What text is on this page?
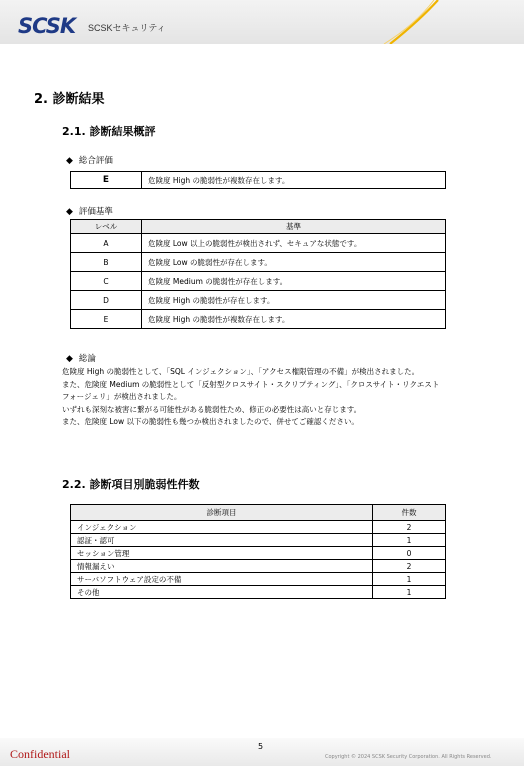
SCSK SCSKセキュリティ
2. 診断結果
2.1. 診断結果概評
◆ 総合評価
E	危険度 High の脆弱性が複数存在します。
◆ 評価基準
レベル	基準
A	危険度 Low 以上の脆弱性が検出されず、セキュアな状態です。
B	危険度 Low の脆弱性が存在します。
C	危険度 Medium の脆弱性が存在します。
D	危険度 High の脆弱性が存在します。
E	危険度 High の脆弱性が複数存在します。
◆ 総論

危険度 High の脆弱性として、「SQL インジェクション」、「アクセス権限管理の不備」が検出されました。

また、危険度 Medium の脆弱性として「反射型クロスサイト・スクリプティング」、「クロスサイト・リクエストフォージェリ」が検出されました。

いずれも深刻な被害に繋がる可能性がある脆弱性ため、修正の必要性は高いと存じます。

また、危険度 Low 以下の脆弱性も幾つか検出されましたので、併せてご確認ください。

2.2. 診断項目別脆弱性件数
診断項目	件数
インジェクション	2
認証・認可	1
セッション管理	0
情報漏えい	2
サーバソフトウェア設定の不備	1
その他	1
Confidential
5
Copyright © 2024 SCSK Security Corporation. All Rights Reserved.
